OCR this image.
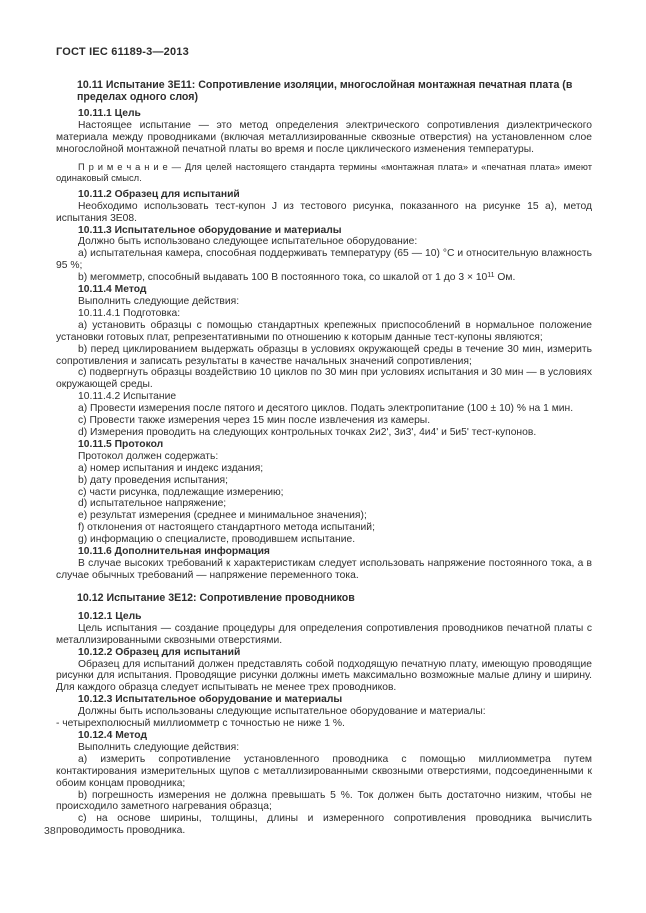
ГОСТ IEC 61189-3—2013
10.11 Испытание 3Е11: Сопротивление изоляции, многослойная монтажная печатная плата (в пределах одного слоя)
10.11.1 Цель
Настоящее испытание — это метод определения электрического сопротивления диэлектрического материала между проводниками (включая металлизированные сквозные отверстия) на установленном слое многослойной монтажной печатной платы во время и после циклического изменения температуры.
П р и м е ч а н и е — Для целей настоящего стандарта термины «монтажная плата» и «печатная плата» имеют одинаковый смысл.
10.11.2 Образец для испытаний
Необходимо использовать тест-купон J из тестового рисунка, показанного на рисунке 15 а), метод испытания 3Е08.
10.11.3 Испытательное оборудование и материалы
Должно быть использовано следующее испытательное оборудование:
а) испытательная камера, способная поддерживать температуру (65 — 10) °С и относительную влажность 95 %;
b) мегомметр, способный выдавать 100 В постоянного тока, со шкалой от 1 до $3 \times 10^{11}$ Ом.
10.11.4 Метод
Выполнить следующие действия:
10.11.4.1 Подготовка:
а) установить образцы с помощью стандартных крепежных приспособлений в нормальное положение установки готовых плат, репрезентативными по отношению к которым данные тест-купоны являются;
b) перед циклированием выдержать образцы в условиях окружающей среды в течение 30 мин, измерить сопротивления и записать результаты в качестве начальных значений сопротивления;
с) подвергнуть образцы воздействию 10 циклов по 30 мин при условиях испытания и 30 мин — в условиях окружающей среды.
10.11.4.2 Испытание
а) Провести измерения после пятого и десятого циклов. Подать электропитание (100 ± 10) % на 1 мин.
с) Провести также измерения через 15 мин после извлечения из камеры.
d) Измерения проводить на следующих контрольных точках 2и2', 3и3', 4и4' и 5и5' тест-купонов.
10.11.5 Протокол
Протокол должен содержать:
а) номер испытания и индекс издания;
b) дату проведения испытания;
с) части рисунка, подлежащие измерению;
d) испытательное напряжение;
е) результат измерения (среднее и минимальное значения);
f) отклонения от настоящего стандартного метода испытаний;
g) информацию о специалисте, проводившем испытание.
10.11.6 Дополнительная информация
В случае высоких требований к характеристикам следует использовать напряжение постоянного тока, а в случае обычных требований — напряжение переменного тока.
10.12 Испытание 3Е12: Сопротивление проводников
10.12.1 Цель
Цель испытания — создание процедуры для определения сопротивления проводников печатной платы с металлизированными сквозными отверстиями.
10.12.2 Образец для испытаний
Образец для испытаний должен представлять собой подходящую печатную плату, имеющую проводящие рисунки для испытания. Проводящие рисунки должны иметь максимально возможные малые длину и ширину. Для каждого образца следует испытывать не менее трех проводников.
10.12.3 Испытательное оборудование и материалы
Должны быть использованы следующие испытательное оборудование и материалы:
- четырехполюсный миллиомметр с точностью не ниже 1 %.
10.12.4 Метод
Выполнить следующие действия:
а) измерить сопротивление установленного проводника с помощью миллиомметра путем контактирования измерительных щупов с металлизированными сквозными отверстиями, подсоединенными к обоим концам проводника;
b) погрешность измерения не должна превышать 5 %. Ток должен быть достаточно низким, чтобы не происходило заметного нагревания образца;
с) на основе ширины, толщины, длины и измеренного сопротивления проводника вычислить проводимость проводника.
38
